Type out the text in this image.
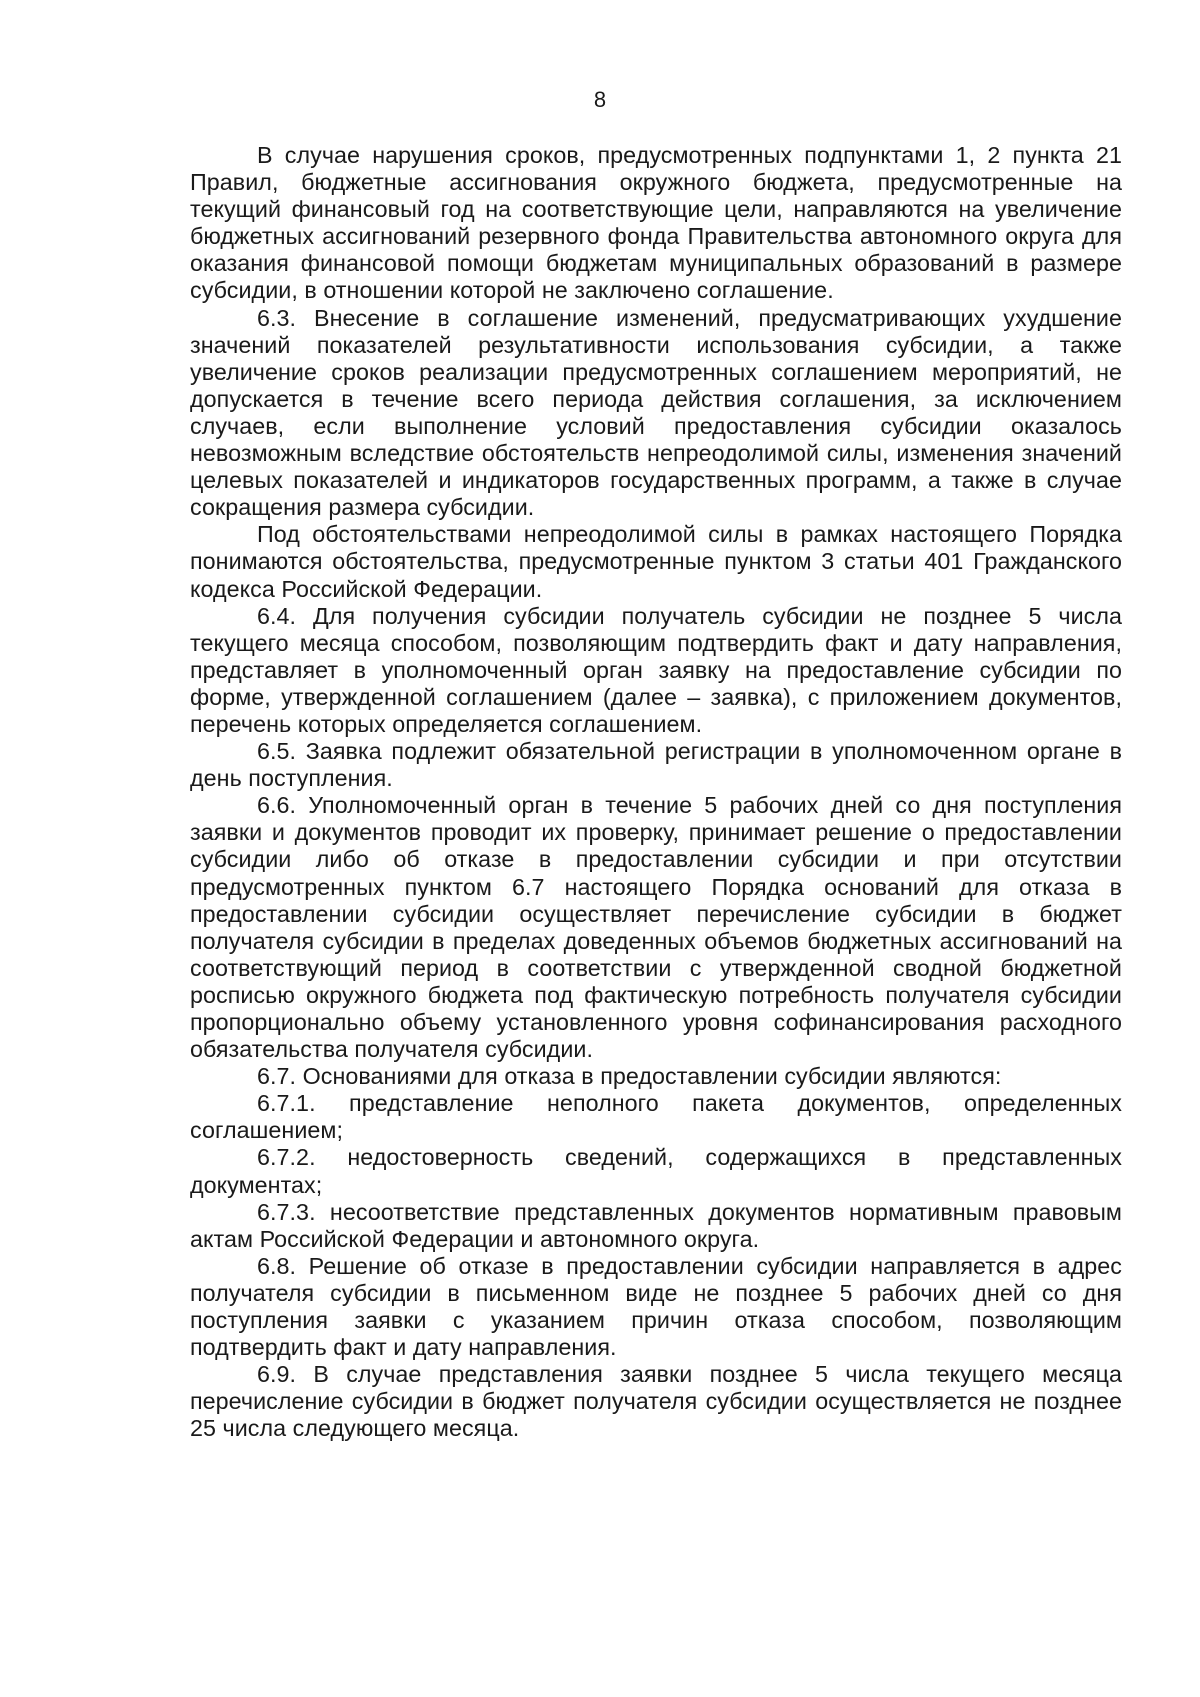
8

В случае нарушения сроков, предусмотренных подпунктами 1, 2 пункта 21 Правил, бюджетные ассигнования окружного бюджета, предусмотренные на текущий финансовый год на соответствующие цели, направляются на увеличение бюджетных ассигнований резервного фонда Правительства автономного округа для оказания финансовой помощи бюджетам муниципальных образований в размере субсидии, в отношении которой не заключено соглашение.

6.3. Внесение в соглашение изменений, предусматривающих ухудшение значений показателей результативности использования субсидии, а также увеличение сроков реализации предусмотренных соглашением мероприятий, не допускается в течение всего периода действия соглашения, за исключением случаев, если выполнение условий предоставления субсидии оказалось невозможным вследствие обстоятельств непреодолимой силы, изменения значений целевых показателей и индикаторов государственных программ, а также в случае сокращения размера субсидии.

Под обстоятельствами непреодолимой силы в рамках настоящего Порядка понимаются обстоятельства, предусмотренные пунктом 3 статьи 401 Гражданского кодекса Российской Федерации.

6.4. Для получения субсидии получатель субсидии не позднее 5 числа текущего месяца способом, позволяющим подтвердить факт и дату направления, представляет в уполномоченный орган заявку на предоставление субсидии по форме, утвержденной соглашением (далее – заявка), с приложением документов, перечень которых определяется соглашением.

6.5. Заявка подлежит обязательной регистрации в уполномоченном органе в день поступления.

6.6. Уполномоченный орган в течение 5 рабочих дней со дня поступления заявки и документов проводит их проверку, принимает решение о предоставлении субсидии либо об отказе в предоставлении субсидии и при отсутствии предусмотренных пунктом 6.7 настоящего Порядка оснований для отказа в предоставлении субсидии осуществляет перечисление субсидии в бюджет получателя субсидии в пределах доведенных объемов бюджетных ассигнований на соответствующий период в соответствии с утвержденной сводной бюджетной росписью окружного бюджета под фактическую потребность получателя субсидии пропорционально объему установленного уровня софинансирования расходного обязательства получателя субсидии.

6.7. Основаниями для отказа в предоставлении субсидии являются:

6.7.1. представление неполного пакета документов, определенных соглашением;

6.7.2. недостоверность сведений, содержащихся в представленных документах;

6.7.3. несоответствие представленных документов нормативным правовым актам Российской Федерации и автономного округа.

6.8. Решение об отказе в предоставлении субсидии направляется в адрес получателя субсидии в письменном виде не позднее 5 рабочих дней со дня поступления заявки с указанием причин отказа способом, позволяющим подтвердить факт и дату направления.

6.9. В случае представления заявки позднее 5 числа текущего месяца перечисление субсидии в бюджет получателя субсидии осуществляется не позднее 25 числа следующего месяца.
